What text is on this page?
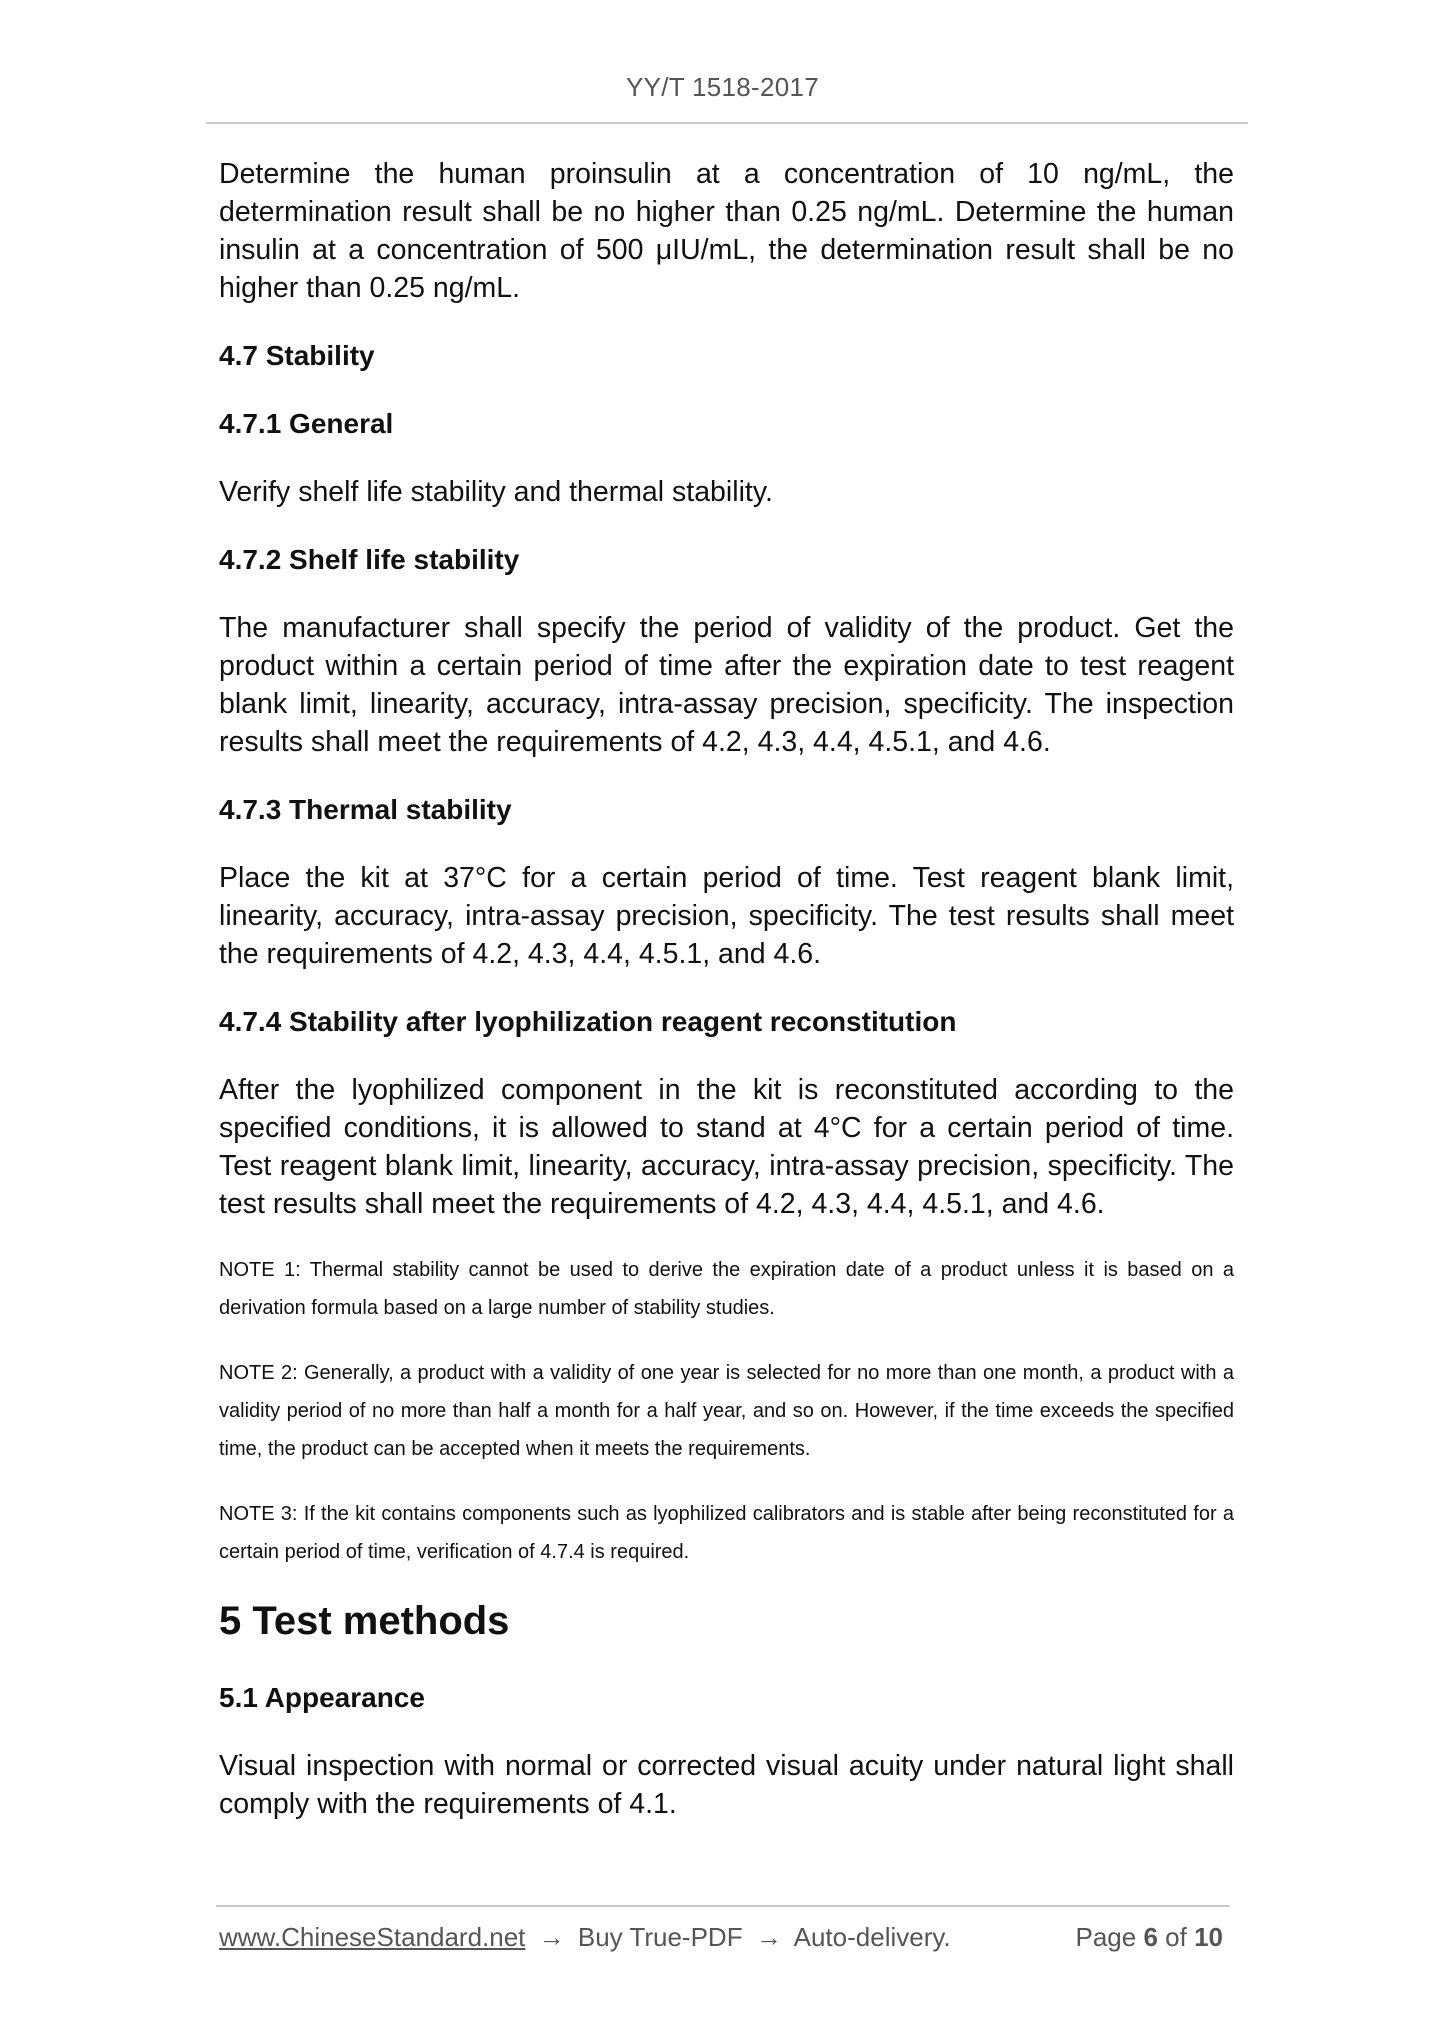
YY/T 1518-2017

Determine the human proinsulin at a concentration of 10 ng/mL, the determination result shall be no higher than 0.25 ng/mL. Determine the human insulin at a concentration of 500 μIU/mL, the determination result shall be no higher than 0.25 ng/mL.

4.7 Stability
4.7.1 General

Verify shelf life stability and thermal stability.

4.7.2 Shelf life stability

The manufacturer shall specify the period of validity of the product. Get the product within a certain period of time after the expiration date to test reagent blank limit, linearity, accuracy, intra-assay precision, specificity. The inspection results shall meet the requirements of 4.2, 4.3, 4.4, 4.5.1, and 4.6.

4.7.3 Thermal stability

Place the kit at 37°C for a certain period of time. Test reagent blank limit, linearity, accuracy, intra-assay precision, specificity. The test results shall meet the requirements of 4.2, 4.3, 4.4, 4.5.1, and 4.6.

4.7.4 Stability after lyophilization reagent reconstitution

After the lyophilized component in the kit is reconstituted according to the specified conditions, it is allowed to stand at 4°C for a certain period of time. Test reagent blank limit, linearity, accuracy, intra-assay precision, specificity. The test results shall meet the requirements of 4.2, 4.3, 4.4, 4.5.1, and 4.6.

NOTE 1: Thermal stability cannot be used to derive the expiration date of a product unless it is based on a derivation formula based on a large number of stability studies.

NOTE 2: Generally, a product with a validity of one year is selected for no more than one month, a product with a validity period of no more than half a month for a half year, and so on. However, if the time exceeds the specified time, the product can be accepted when it meets the requirements.

NOTE 3: If the kit contains components such as lyophilized calibrators and is stable after being reconstituted for a certain period of time, verification of 4.7.4 is required.

5 Test methods
5.1 Appearance

Visual inspection with normal or corrected visual acuity under natural light shall comply with the requirements of 4.1.

www.ChineseStandard.net → Buy True-PDF → Auto-delivery.	Page 6 of 10
